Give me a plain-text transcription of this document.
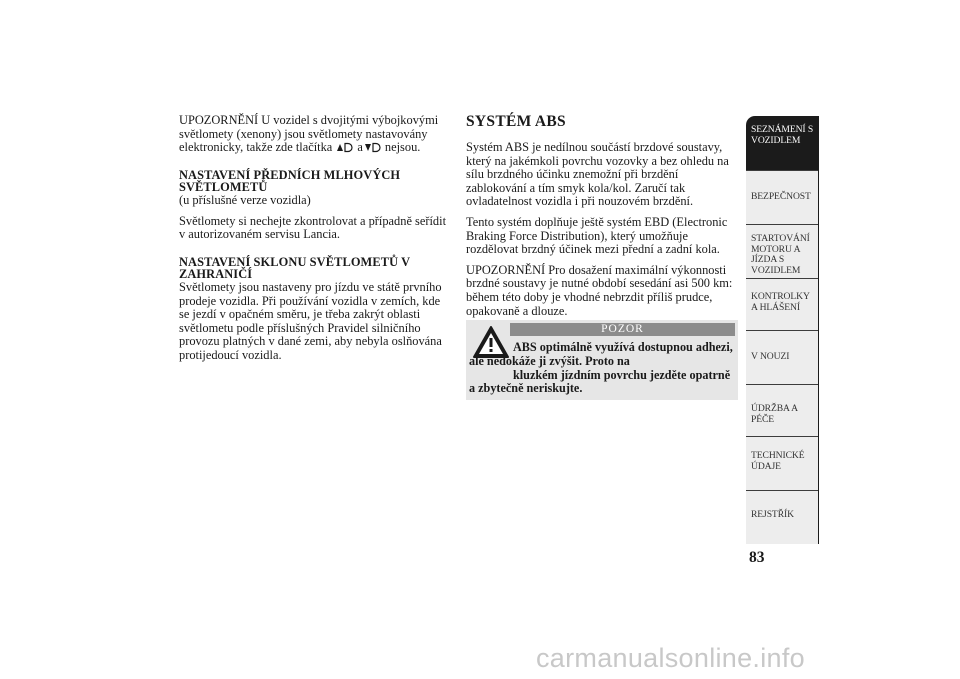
UPOZORNĚNÍ U vozidel s dvojitými výbojkovými světlomety (xenony) jsou světlomety nastavovány elektronicky, takže zde tlačítka a nejsou.

NASTAVENÍ PŘEDNÍCH MLHOVÝCH SVĚTLOMETŮ

(u příslušné verze vozidla)

Světlomety si nechejte zkontrolovat a případně seřídit v autorizovaném servisu Lancia.

NASTAVENÍ SKLONU SVĚTLOMETŮ V ZAHRANIČÍ

Světlomety jsou nastaveny pro jízdu ve státě prvního prodeje vozidla. Při používání vozidla v zemích, kde se jezdí v opačném směru, je třeba zakrýt oblasti světlometu podle příslušných Pravidel silničního provozu platných v dané zemi, aby nebyla oslňována protijedoucí vozidla.

SYSTÉM ABS

Systém ABS je nedílnou součástí brzdové soustavy, který na jakémkoli povrchu vozovky a bez ohledu na sílu brzdného účinku znemožní při brzdění zablokování a tím smyk kola/kol. Zaručí tak ovladatelnost vozidla i při nouzovém brzdění.

Tento systém doplňuje ještě systém EBD (Electronic Braking Force Distribution), který umožňuje rozdělovat brzdný účinek mezi přední a zadní kola.

UPOZORNĚNÍ Pro dosažení maximální výkonnosti brzdné soustavy je nutné období sesedání asi 500 km: během této doby je vhodné nebrzdit příliš prudce, opakovaně a dlouze.

POZOR
ABS optimálně využívá dostupnou adhezi, ale nedokáže ji zvýšit. Proto na
kluzkém jízdním povrchu jezděte opatrně a zbytečně neriskujte.
SEZNÁMENÍ S VOZIDLEM
BEZPEČNOST
STARTOVÁNÍ MOTORU A JÍZDA S VOZIDLEM
KONTROLKY A HLÁŠENÍ
V NOUZI
ÚDRŽBA A PÉČE
TECHNICKÉ ÚDAJE
REJSTŘÍK
83
carmanualsonline.info
